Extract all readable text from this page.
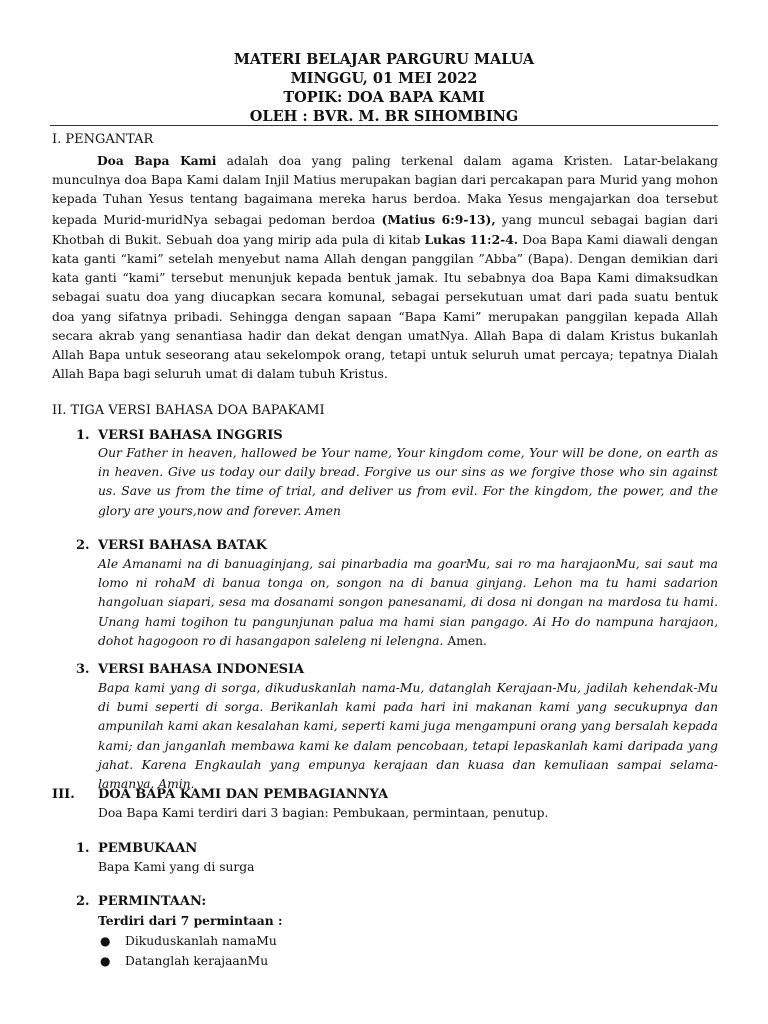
MATERI BELAJAR PARGURU MALUA
MINGGU, 01 MEI 2022
TOPIK: DOA BAPA KAMI
OLEH : BVR. M. BR SIHOMBING
I. PENGANTAR
Doa Bapa Kami adalah doa yang paling terkenal dalam agama Kristen. Latar-belakang munculnya doa Bapa Kami dalam Injil Matius merupakan bagian dari percakapan para Murid yang mohon kepada Tuhan Yesus tentang bagaimana mereka harus berdoa. Maka Yesus mengajarkan doa tersebut kepada Murid-muridNya sebagai pedoman berdoa (Matius 6:9-13), yang muncul sebagai bagian dari Khotbah di Bukit. Sebuah doa yang mirip ada pula di kitab Lukas 11:2-4. Doa Bapa Kami diawali dengan kata ganti “kami” setelah menyebut nama Allah dengan panggilan ”Abba” (Bapa). Dengan demikian dari kata ganti “kami” tersebut menunjuk kepada bentuk jamak. Itu sebabnya doa Bapa Kami dimaksudkan sebagai suatu doa yang diucapkan secara komunal, sebagai persekutuan umat dari pada suatu bentuk doa yang sifatnya pribadi. Sehingga dengan sapaan “Bapa Kami” merupakan panggilan kepada Allah secara akrab yang senantiasa hadir dan dekat dengan umatNya. Allah Bapa di dalam Kristus bukanlah Allah Bapa untuk seseorang atau sekelompok orang, tetapi untuk seluruh umat percaya; tepatnya Dialah Allah Bapa bagi seluruh umat di dalam tubuh Kristus.
II. TIGA VERSI BAHASA DOA BAPAKAMI
1. VERSI BAHASA INGGRIS
Our Father in heaven, hallowed be Your name, Your kingdom come, Your will be done, on earth as in heaven. Give us today our daily bread. Forgive us our sins as we forgive those who sin against us. Save us from the time of trial, and deliver us from evil. For the kingdom, the power, and the glory are yours,now and forever. Amen
2. VERSI BAHASA BATAK
Ale Amanami na di banuaginjang, sai pinarbadia ma goarMu, sai ro ma harajaonMu, sai saut ma lomo ni rohaM di banua tonga on, songon na di banua ginjang. Lehon ma tu hami sadarion hangoluan siapari, sesa ma dosanami songon panesanami, di dosa ni dongan na mardosa tu hami. Unang hami togihon tu pangunjunan palua ma hami sian pangago. Ai Ho do nampuna harajaon, dohot hagogoon ro di hasangapon saleleng ni lelengna. Amen.
3. VERSI BAHASA INDONESIA
Bapa kami yang di sorga, dikuduskanlah nama-Mu, datanglah Kerajaan-Mu, jadilah kehendak-Mu di bumi seperti di sorga. Berikanlah kami pada hari ini makanan kami yang secukupnya dan ampunilah kami akan kesalahan kami, seperti kami juga mengampuni orang yang bersalah kepada kami; dan janganlah membawa kami ke dalam pencobaan, tetapi lepaskanlah kami daripada yang jahat. Karena Engkaulah yang empunya kerajaan dan kuasa dan kemuliaan sampai selama-lamanya. Amin.
III. DOA BAPA KAMI DAN PEMBAGIANNYA
Doa Bapa Kami terdiri dari 3 bagian: Pembukaan, permintaan, penutup.
1. PEMBUKAAN
Bapa Kami yang di surga
2. PERMINTAAN:
Terdiri dari 7 permintaan :
● Dikuduskanlah namaMu
● Datanglah kerajaanMu
